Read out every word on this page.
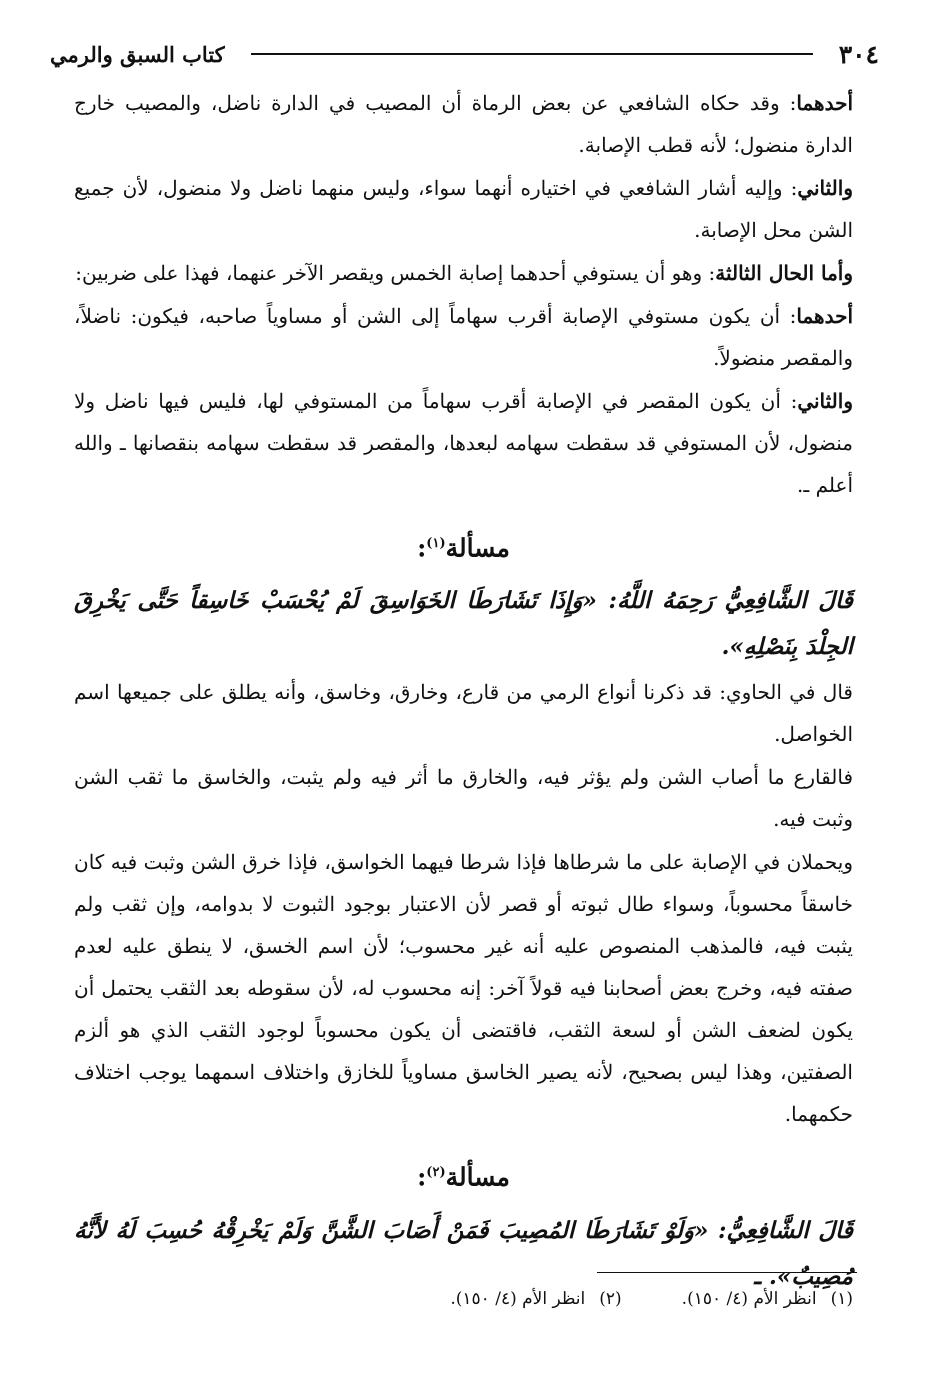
٣٠٤
كتاب السبق والرمي

أحدهما: وقد حكاه الشافعي عن بعض الرماة أن المصيب في الدارة ناضل، والمصيب خارج الدارة منضول؛ لأنه قطب الإصابة.

والثاني: وإليه أشار الشافعي في اختياره أنهما سواء، وليس منهما ناضل ولا منضول، لأن جميع الشن محل الإصابة.

وأما الحال الثالثة: وهو أن يستوفي أحدهما إصابة الخمس ويقصر الآخر عنهما، فهذا على ضربين:

أحدهما: أن يكون مستوفي الإصابة أقرب سهاماً إلى الشن أو مساوياً صاحبه، فيكون: ناضلاً، والمقصر منضولاً.

والثاني: أن يكون المقصر في الإصابة أقرب سهاماً من المستوفي لها، فليس فيها ناضل ولا منضول، لأن المستوفي قد سقطت سهامه لبعدها، والمقصر قد سقطت سهامه بنقصانها ـ والله أعلم ـ.

مسألة$^{(١)}$:

قَالَ الشَّافِعِيُّ رَحِمَهُ اللَّهُ: «وَإِذَا تَشَارَطَا الخَوَاسِقَ لَمْ يُحْسَبْ خَاسِقاً حَتَّى يَخْرِقَ الجِلْدَ بِنَصْلِهِ».

قال في الحاوي: قد ذكرنا أنواع الرمي من قارع، وخارق، وخاسق، وأنه يطلق على جميعها اسم الخواصل.

فالقارع ما أصاب الشن ولم يؤثر فيه، والخارق ما أثر فيه ولم يثبت، والخاسق ما ثقب الشن وثبت فيه.

ويحملان في الإصابة على ما شرطاها فإذا شرطا فيهما الخواسق، فإذا خرق الشن وثبت فيه كان خاسقاً محسوباً، وسواء طال ثبوته أو قصر لأن الاعتبار بوجود الثبوت لا بدوامه، وإن ثقب ولم يثبت فيه، فالمذهب المنصوص عليه أنه غير محسوب؛ لأن اسم الخسق، لا ينطق عليه لعدم صفته فيه، وخرج بعض أصحابنا فيه قولاً آخر: إنه محسوب له، لأن سقوطه بعد الثقب يحتمل أن يكون لضعف الشن أو لسعة الثقب، فاقتضى أن يكون محسوباً لوجود الثقب الذي هو ألزم الصفتين، وهذا ليس بصحيح، لأنه يصير الخاسق مساوياً للخازق واختلاف اسمهما يوجب اختلاف حكمهما.

مسألة$^{(٢)}$:

قَالَ الشَّافِعِيُّ: «وَلَوْ تَشَارَطَا المُصِيبَ فَمَنْ أَصَابَ الشَّنَّ وَلَمْ يَخْرِقْهُ حُسِبَ لَهُ لأَنَّهُ مُصِيبٌ». ـ

(١)
انظر الأم (٤/ ١٥٠).
(٢)
انظر الأم (٤/ ١٥٠).
